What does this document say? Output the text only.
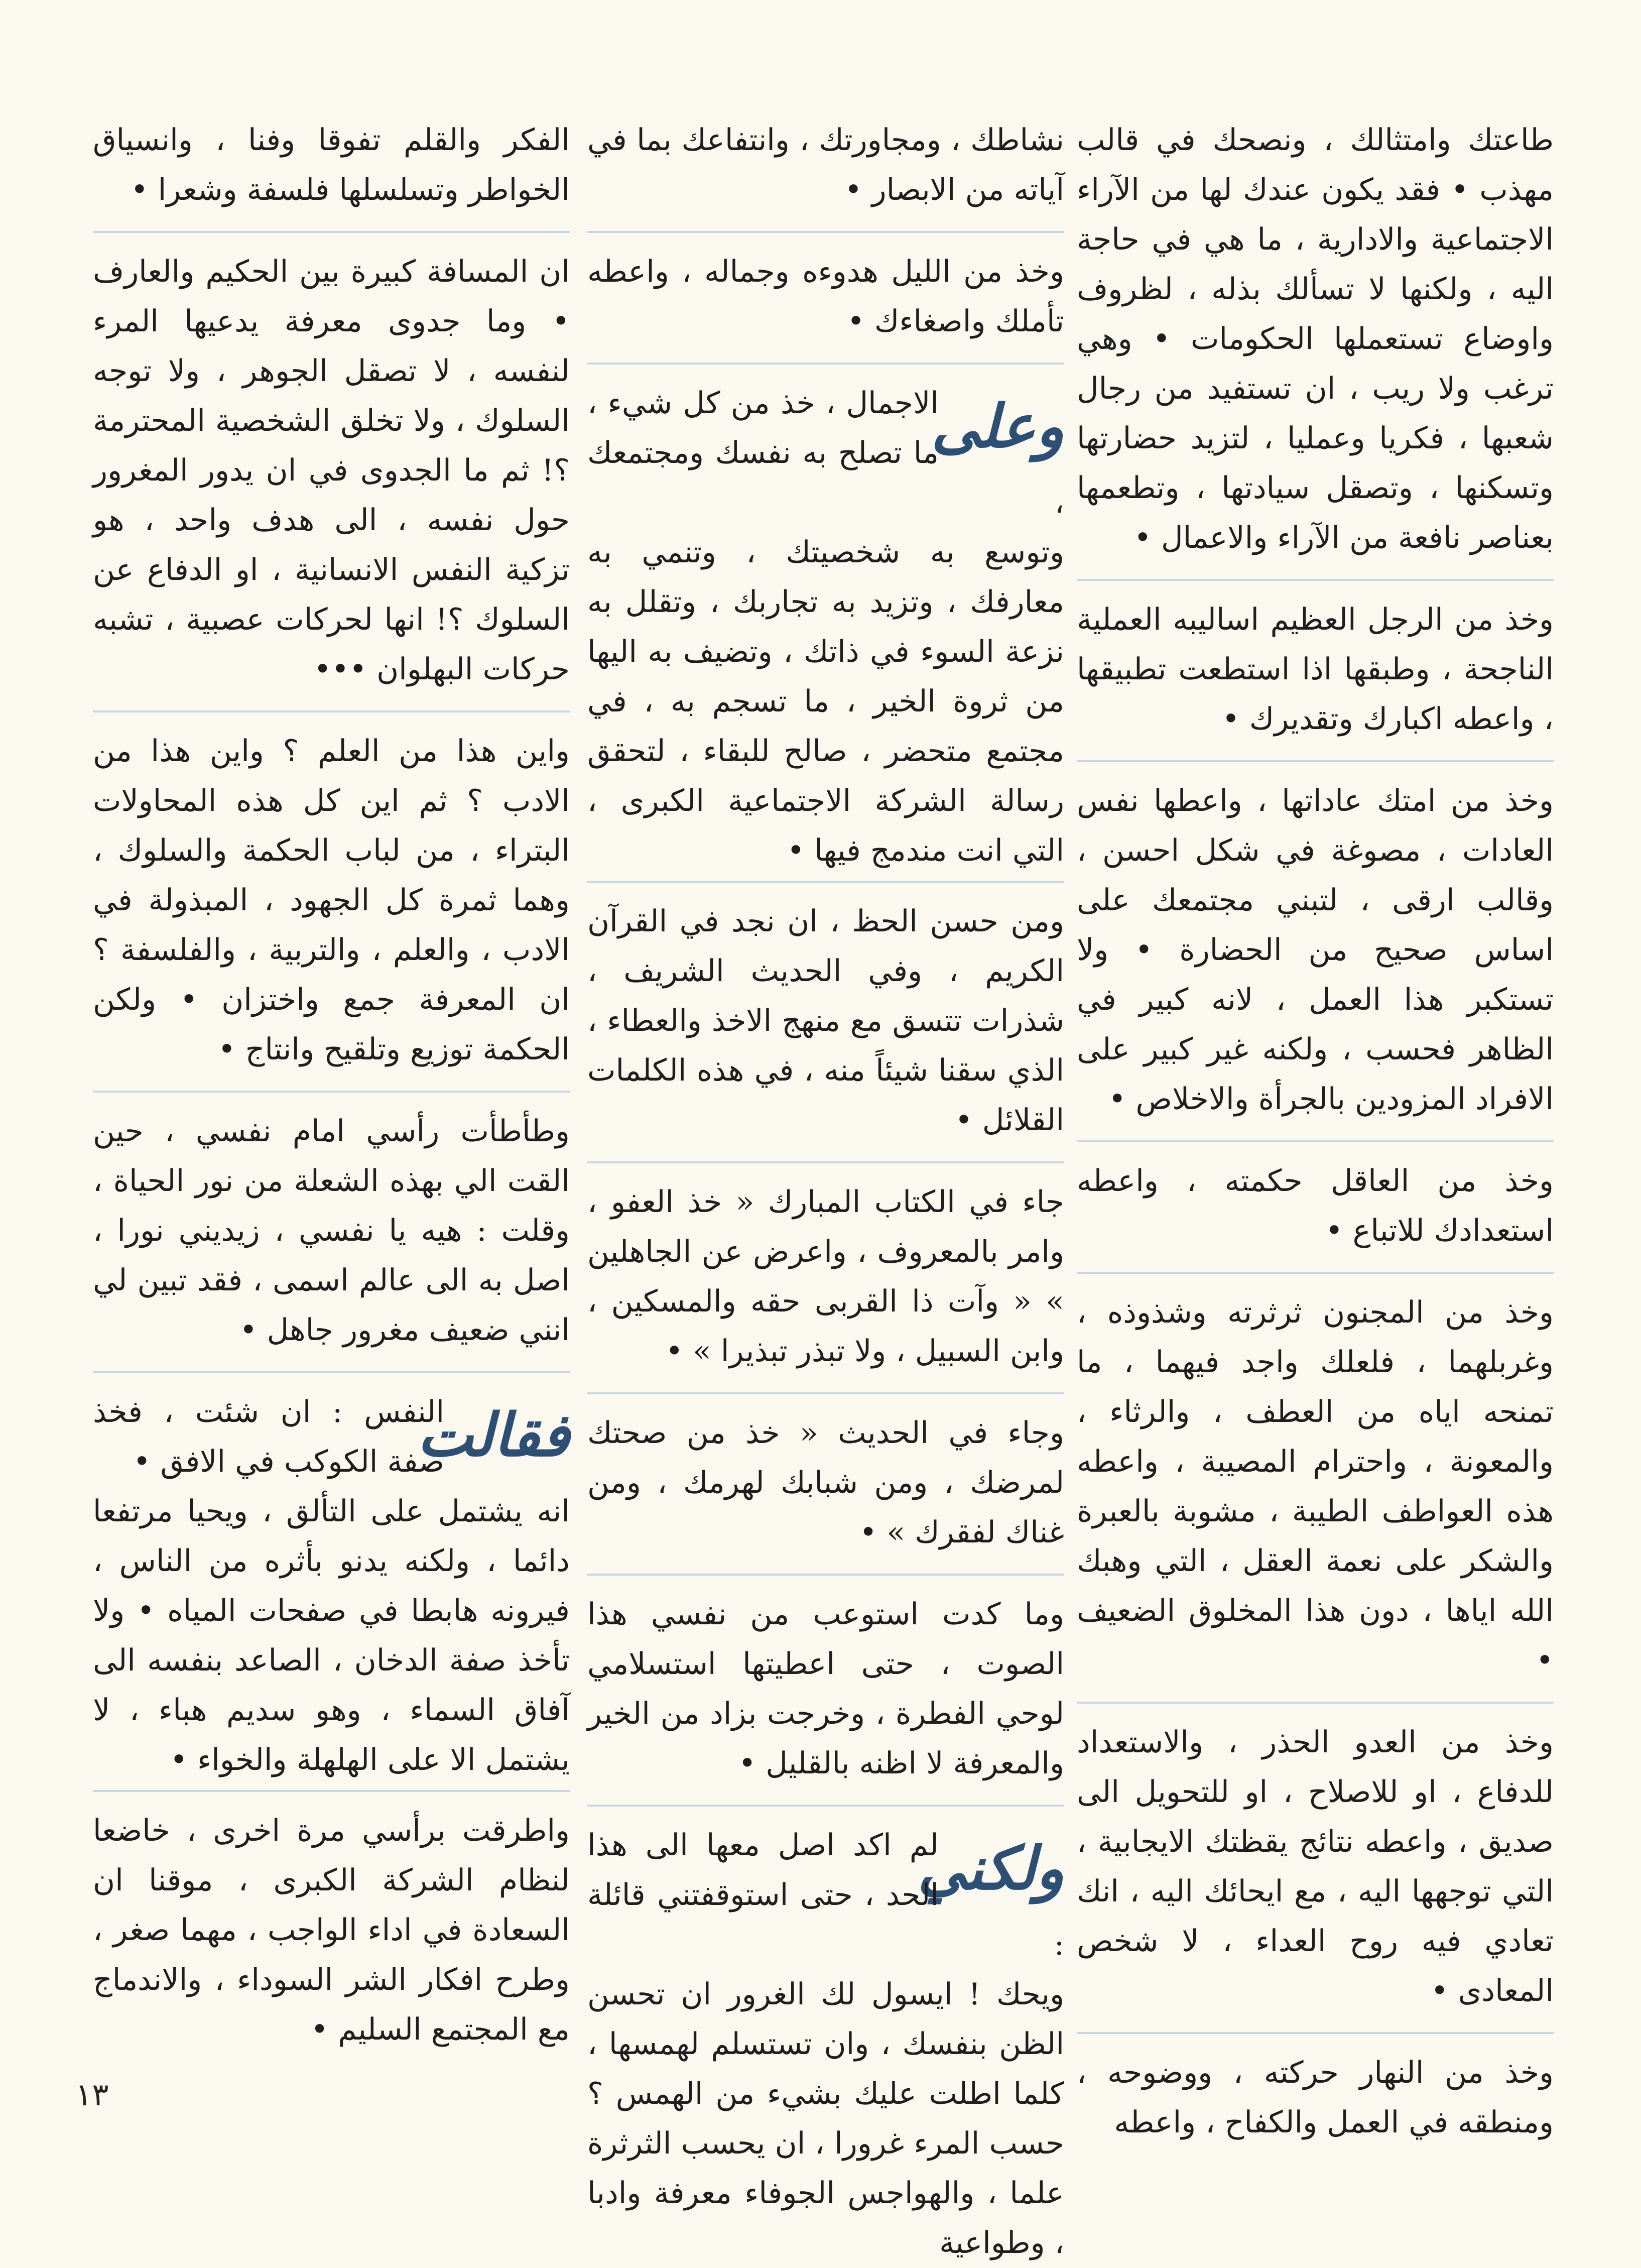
طاعتك وامتثالك ، ونصحك في قالب مهذب • فقد يكون عندك لها من الآراء الاجتماعية والادارية ، ما هي في حاجة اليه ، ولكنها لا تسألك بذله ، لظروف واوضاع تستعملها الحكومات • وهي ترغب ولا ريب ، ان تستفيد من رجال شعبها ، فكريا وعمليا ، لتزيد حضارتها وتسكنها ، وتصقل سيادتها ، وتطعمها بعناصر نافعة من الآراء والاعمال •

وخذ من الرجل العظيم اساليبه العملية الناجحة ، وطبقها اذا استطعت تطبيقها ، واعطه اكبارك وتقديرك •

وخذ من امتك عاداتها ، واعطها نفس العادات ، مصوغة في شكل احسن ، وقالب ارقى ، لتبني مجتمعك على اساس صحيح من الحضارة • ولا تستكبر هذا العمل ، لانه كبير في الظاهر فحسب ، ولكنه غير كبير على الافراد المزودين بالجرأة والاخلاص •

وخذ من العاقل حكمته ، واعطه استعدادك للاتباع •

وخذ من المجنون ثرثرته وشذوذه ، وغربلهما ، فلعلك واجد فيهما ، ما تمنحه اياه من العطف ، والرثاء ، والمعونة ، واحترام المصيبة ، واعطه هذه العواطف الطيبة ، مشوبة بالعبرة والشكر على نعمة العقل ، التي وهبك الله اياها ، دون هذا المخلوق الضعيف •

وخذ من العدو الحذر ، والاستعداد للدفاع ، او للاصلاح ، او للتحويل الى صديق ، واعطه نتائج يقظتك الايجابية ، التي توجهها اليه ، مع ايحائك اليه ، انك تعادي فيه روح العداء ، لا شخص المعادى •

وخذ من النهار حركته ، ووضوحه ، ومنطقه في العمل والكفاح ، واعطه

نشاطك ، ومجاورتك ، وانتفاعك بما في آياته من الابصار •

وخذ من الليل هدوءه وجماله ، واعطه تأملك واصغاءك •

وعلى
الاجمال ، خذ من كل شيء ، ما تصلح به نفسك ومجتمعك ،
وتوسع به شخصيتك ، وتنمي به معارفك ، وتزيد به تجاربك ، وتقلل به نزعة السوء في ذاتك ، وتضيف به اليها من ثروة الخير ، ما تسجم به ، في مجتمع متحضر ، صالح للبقاء ، لتحقق رسالة الشركة الاجتماعية الكبرى ، التي انت مندمج فيها •

ومن حسن الحظ ، ان نجد في القرآن الكريم ، وفي الحديث الشريف ، شذرات تتسق مع منهج الاخذ والعطاء ، الذي سقنا شيئاً منه ، في هذه الكلمات القلائل •

جاء في الكتاب المبارك « خذ العفو ، وامر بالمعروف ، واعرض عن الجاهلين » « وآت ذا القربى حقه والمسكين ، وابن السبيل ، ولا تبذر تبذيرا » •

وجاء في الحديث « خذ من صحتك لمرضك ، ومن شبابك لهرمك ، ومن غناك لفقرك » •

وما كدت استوعب من نفسي هذا الصوت ، حتى اعطيتها استسلامي لوحي الفطرة ، وخرجت بزاد من الخير والمعرفة لا اظنه بالقليل •

ولكني
لم اكد اصل معها الى هذا الحد ، حتى استوقفتني قائلة :
ويحك ! ايسول لك الغرور ان تحسن الظن بنفسك ، وان تستسلم لهمسها ، كلما اطلت عليك بشيء من الهمس ؟ حسب المرء غرورا ، ان يحسب الثرثرة علما ، والهواجس الجوفاء معرفة وادبا ، وطواعية

الفكر والقلم تفوقا وفنا ، وانسياق الخواطر وتسلسلها فلسفة وشعرا •

ان المسافة كبيرة بين الحكيم والعارف • وما جدوى معرفة يدعيها المرء لنفسه ، لا تصقل الجوهر ، ولا توجه السلوك ، ولا تخلق الشخصية المحترمة ؟! ثم ما الجدوى في ان يدور المغرور حول نفسه ، الى هدف واحد ، هو تزكية النفس الانسانية ، او الدفاع عن السلوك ؟! انها لحركات عصبية ، تشبه حركات البهلوان •••

واين هذا من العلم ؟ واين هذا من الادب ؟ ثم اين كل هذه المحاولات البتراء ، من لباب الحكمة والسلوك ، وهما ثمرة كل الجهود ، المبذولة في الادب ، والعلم ، والتربية ، والفلسفة ؟ ان المعرفة جمع واختزان • ولكن الحكمة توزيع وتلقيح وانتاج •

وطأطأت رأسي امام نفسي ، حين القت الي بهذه الشعلة من نور الحياة ، وقلت : هيه يا نفسي ، زيديني نورا ، اصل به الى عالم اسمى ، فقد تبين لي انني ضعيف مغرور جاهل •

فقالت
النفس : ان شئت ، فخذ صفة الكوكب في الافق •
انه يشتمل على التألق ، ويحيا مرتفعا دائما ، ولكنه يدنو بأثره من الناس ، فيرونه هابطا في صفحات المياه • ولا تأخذ صفة الدخان ، الصاعد بنفسه الى آفاق السماء ، وهو سديم هباء ، لا يشتمل الا على الهلهلة والخواء •

واطرقت برأسي مرة اخرى ، خاضعا لنظام الشركة الكبرى ، موقنا ان السعادة في اداء الواجب ، مهما صغر ، وطرح افكار الشر السوداء ، والاندماج مع المجتمع السليم •

١٣
